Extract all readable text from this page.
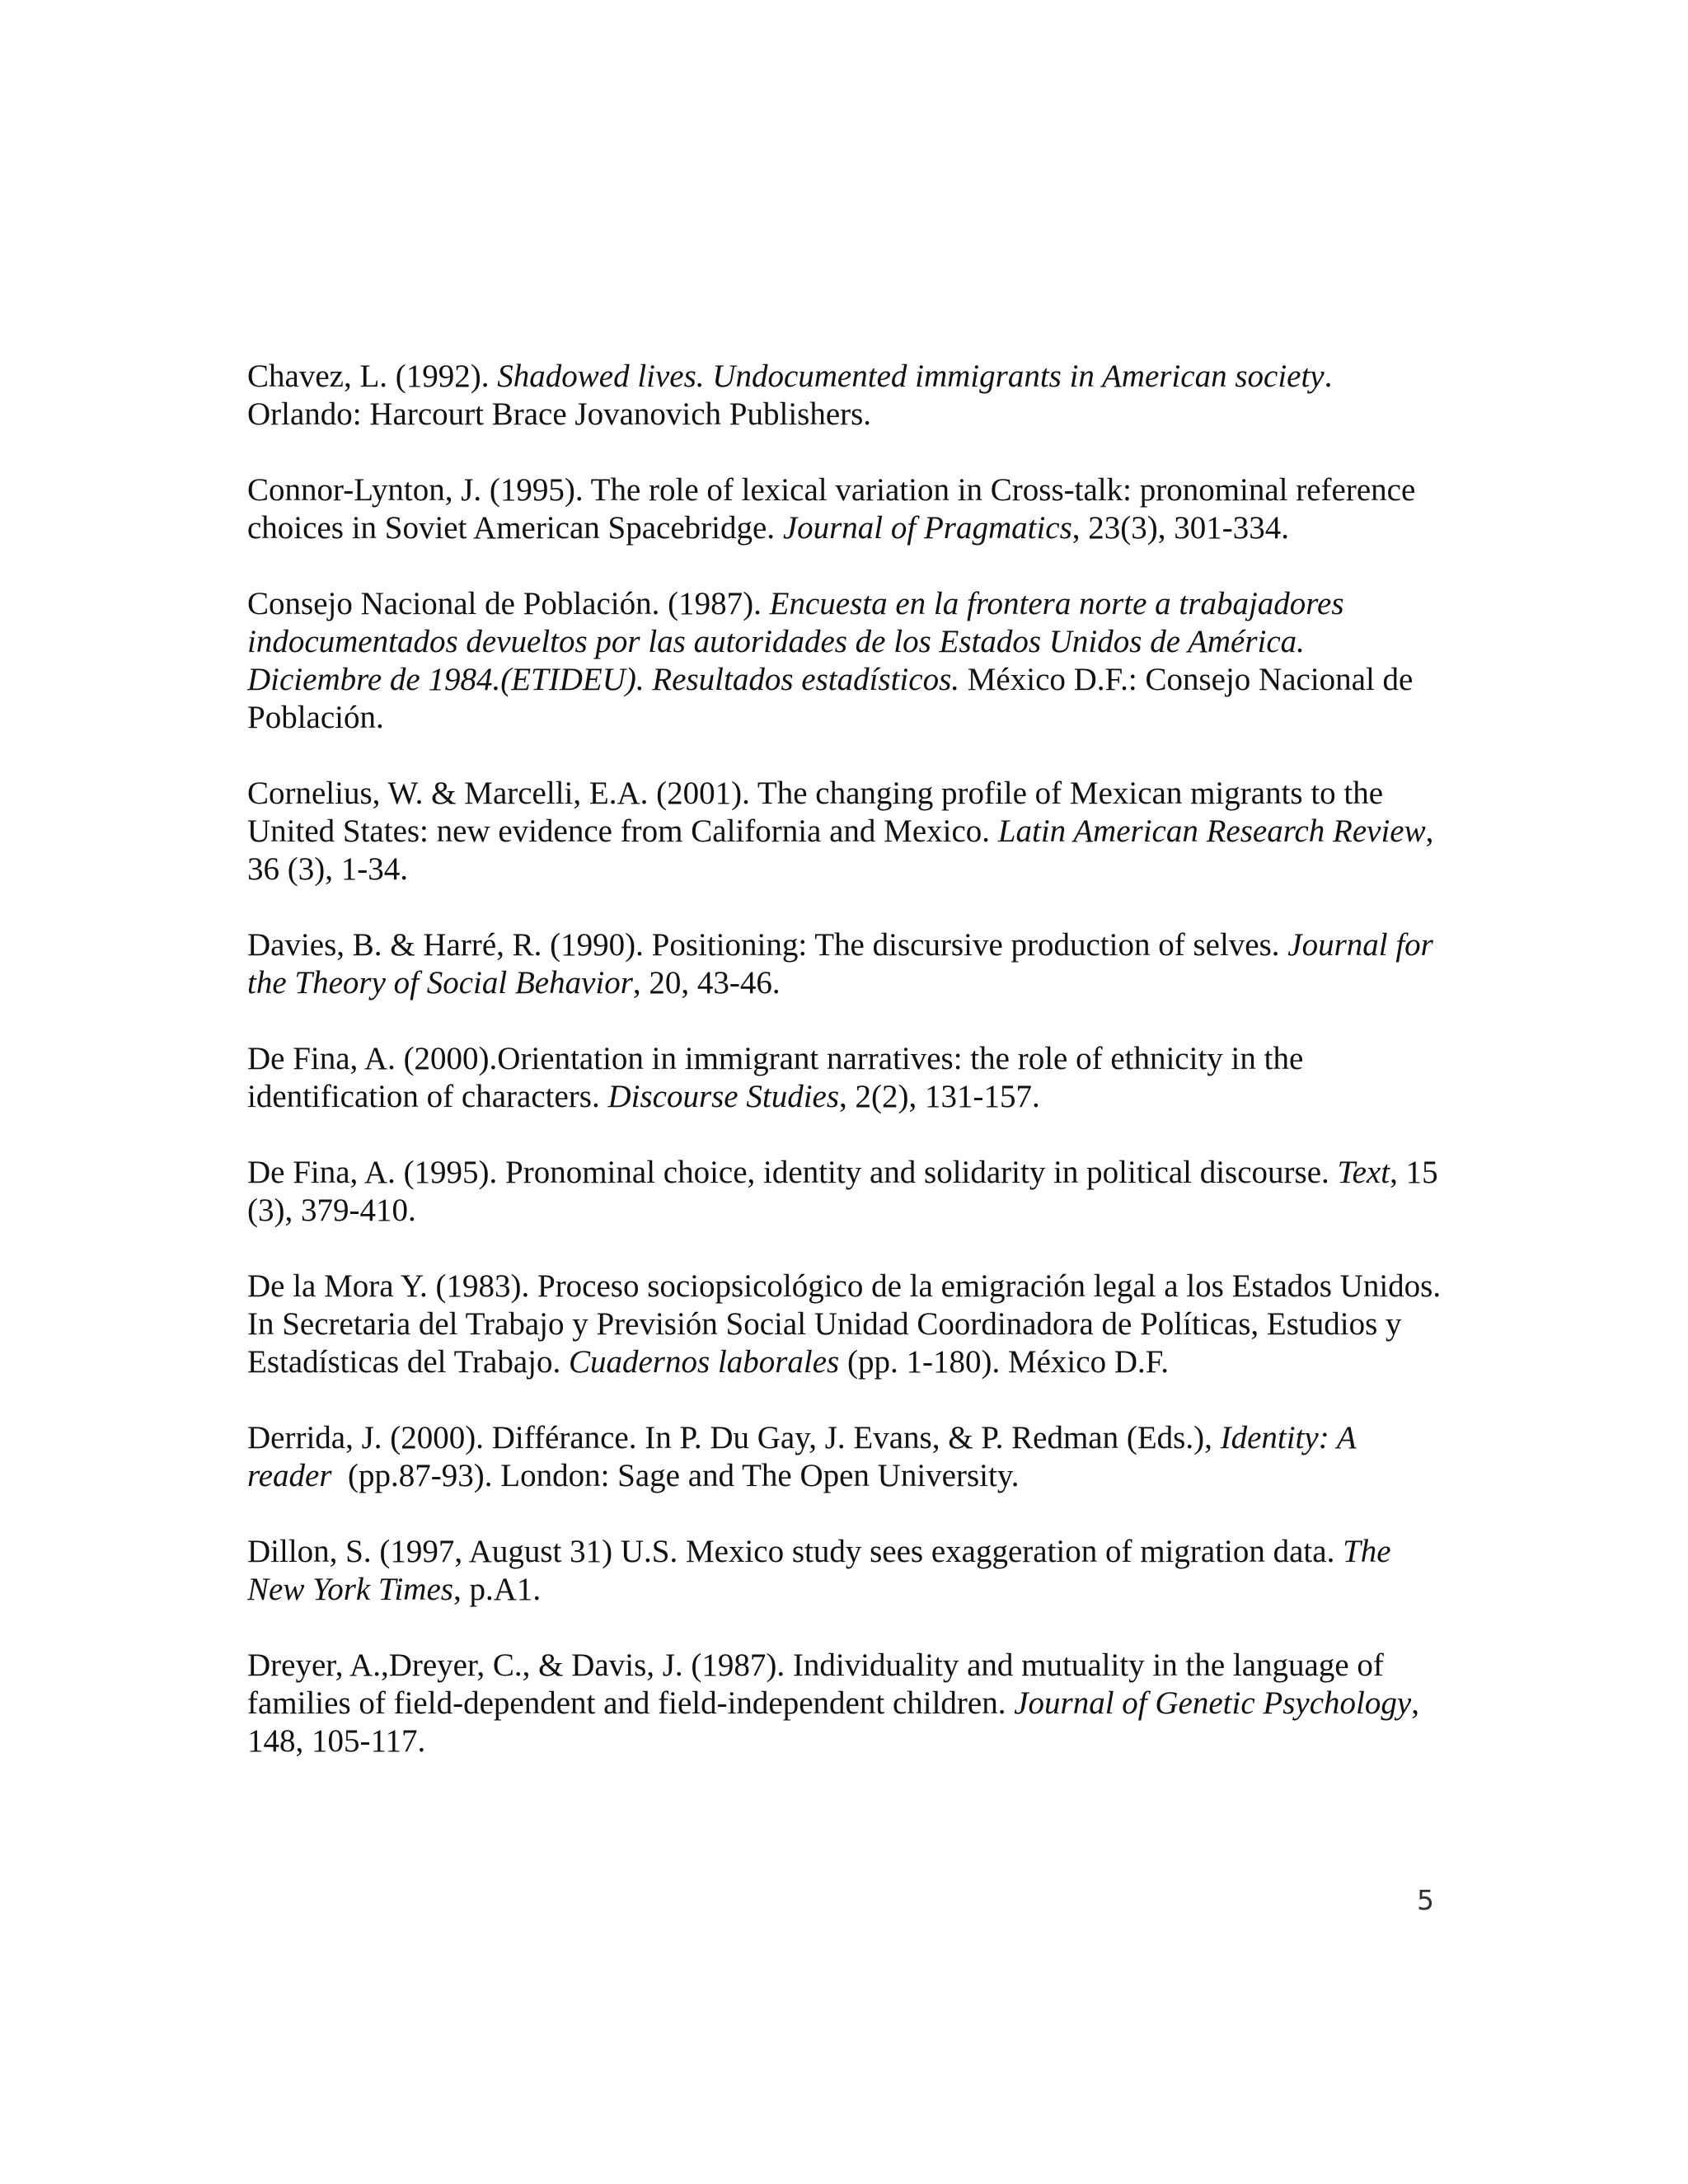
Chavez, L. (1992). Shadowed lives. Undocumented immigrants in American society. Orlando: Harcourt Brace Jovanovich Publishers.

Connor-Lynton, J. (1995). The role of lexical variation in Cross-talk: pronominal reference choices in Soviet American Spacebridge. Journal of Pragmatics, 23(3), 301-334.

Consejo Nacional de Población. (1987). Encuesta en la frontera norte a trabajadores indocumentados devueltos por las autoridades de los Estados Unidos de América. Diciembre de 1984.(ETIDEU). Resultados estadísticos. México D.F.: Consejo Nacional de Población.

Cornelius, W. & Marcelli, E.A. (2001). The changing profile of Mexican migrants to the United States: new evidence from California and Mexico. Latin American Research Review, 36 (3), 1-34.

Davies, B. & Harré, R. (1990). Positioning: The discursive production of selves. Journal for the Theory of Social Behavior, 20, 43-46.

De Fina, A. (2000).Orientation in immigrant narratives: the role of ethnicity in the identification of characters. Discourse Studies, 2(2), 131-157.

De Fina, A. (1995). Pronominal choice, identity and solidarity in political discourse. Text, 15 (3), 379-410.

De la Mora Y. (1983). Proceso sociopsicológico de la emigración legal a los Estados Unidos. In Secretaria del Trabajo y Previsión Social Unidad Coordinadora de Políticas, Estudios y Estadísticas del Trabajo. Cuadernos laborales (pp. 1-180). México D.F.

Derrida, J. (2000). Différance. In P. Du Gay, J. Evans, & P. Redman (Eds.), Identity: A reader  (pp.87-93). London: Sage and The Open University.

Dillon, S. (1997, August 31) U.S. Mexico study sees exaggeration of migration data. The New York Times, p.A1.

Dreyer, A.,Dreyer, C., & Davis, J. (1987). Individuality and mutuality in the language of families of field-dependent and field-independent children. Journal of Genetic Psychology, 148, 105-117.

5
